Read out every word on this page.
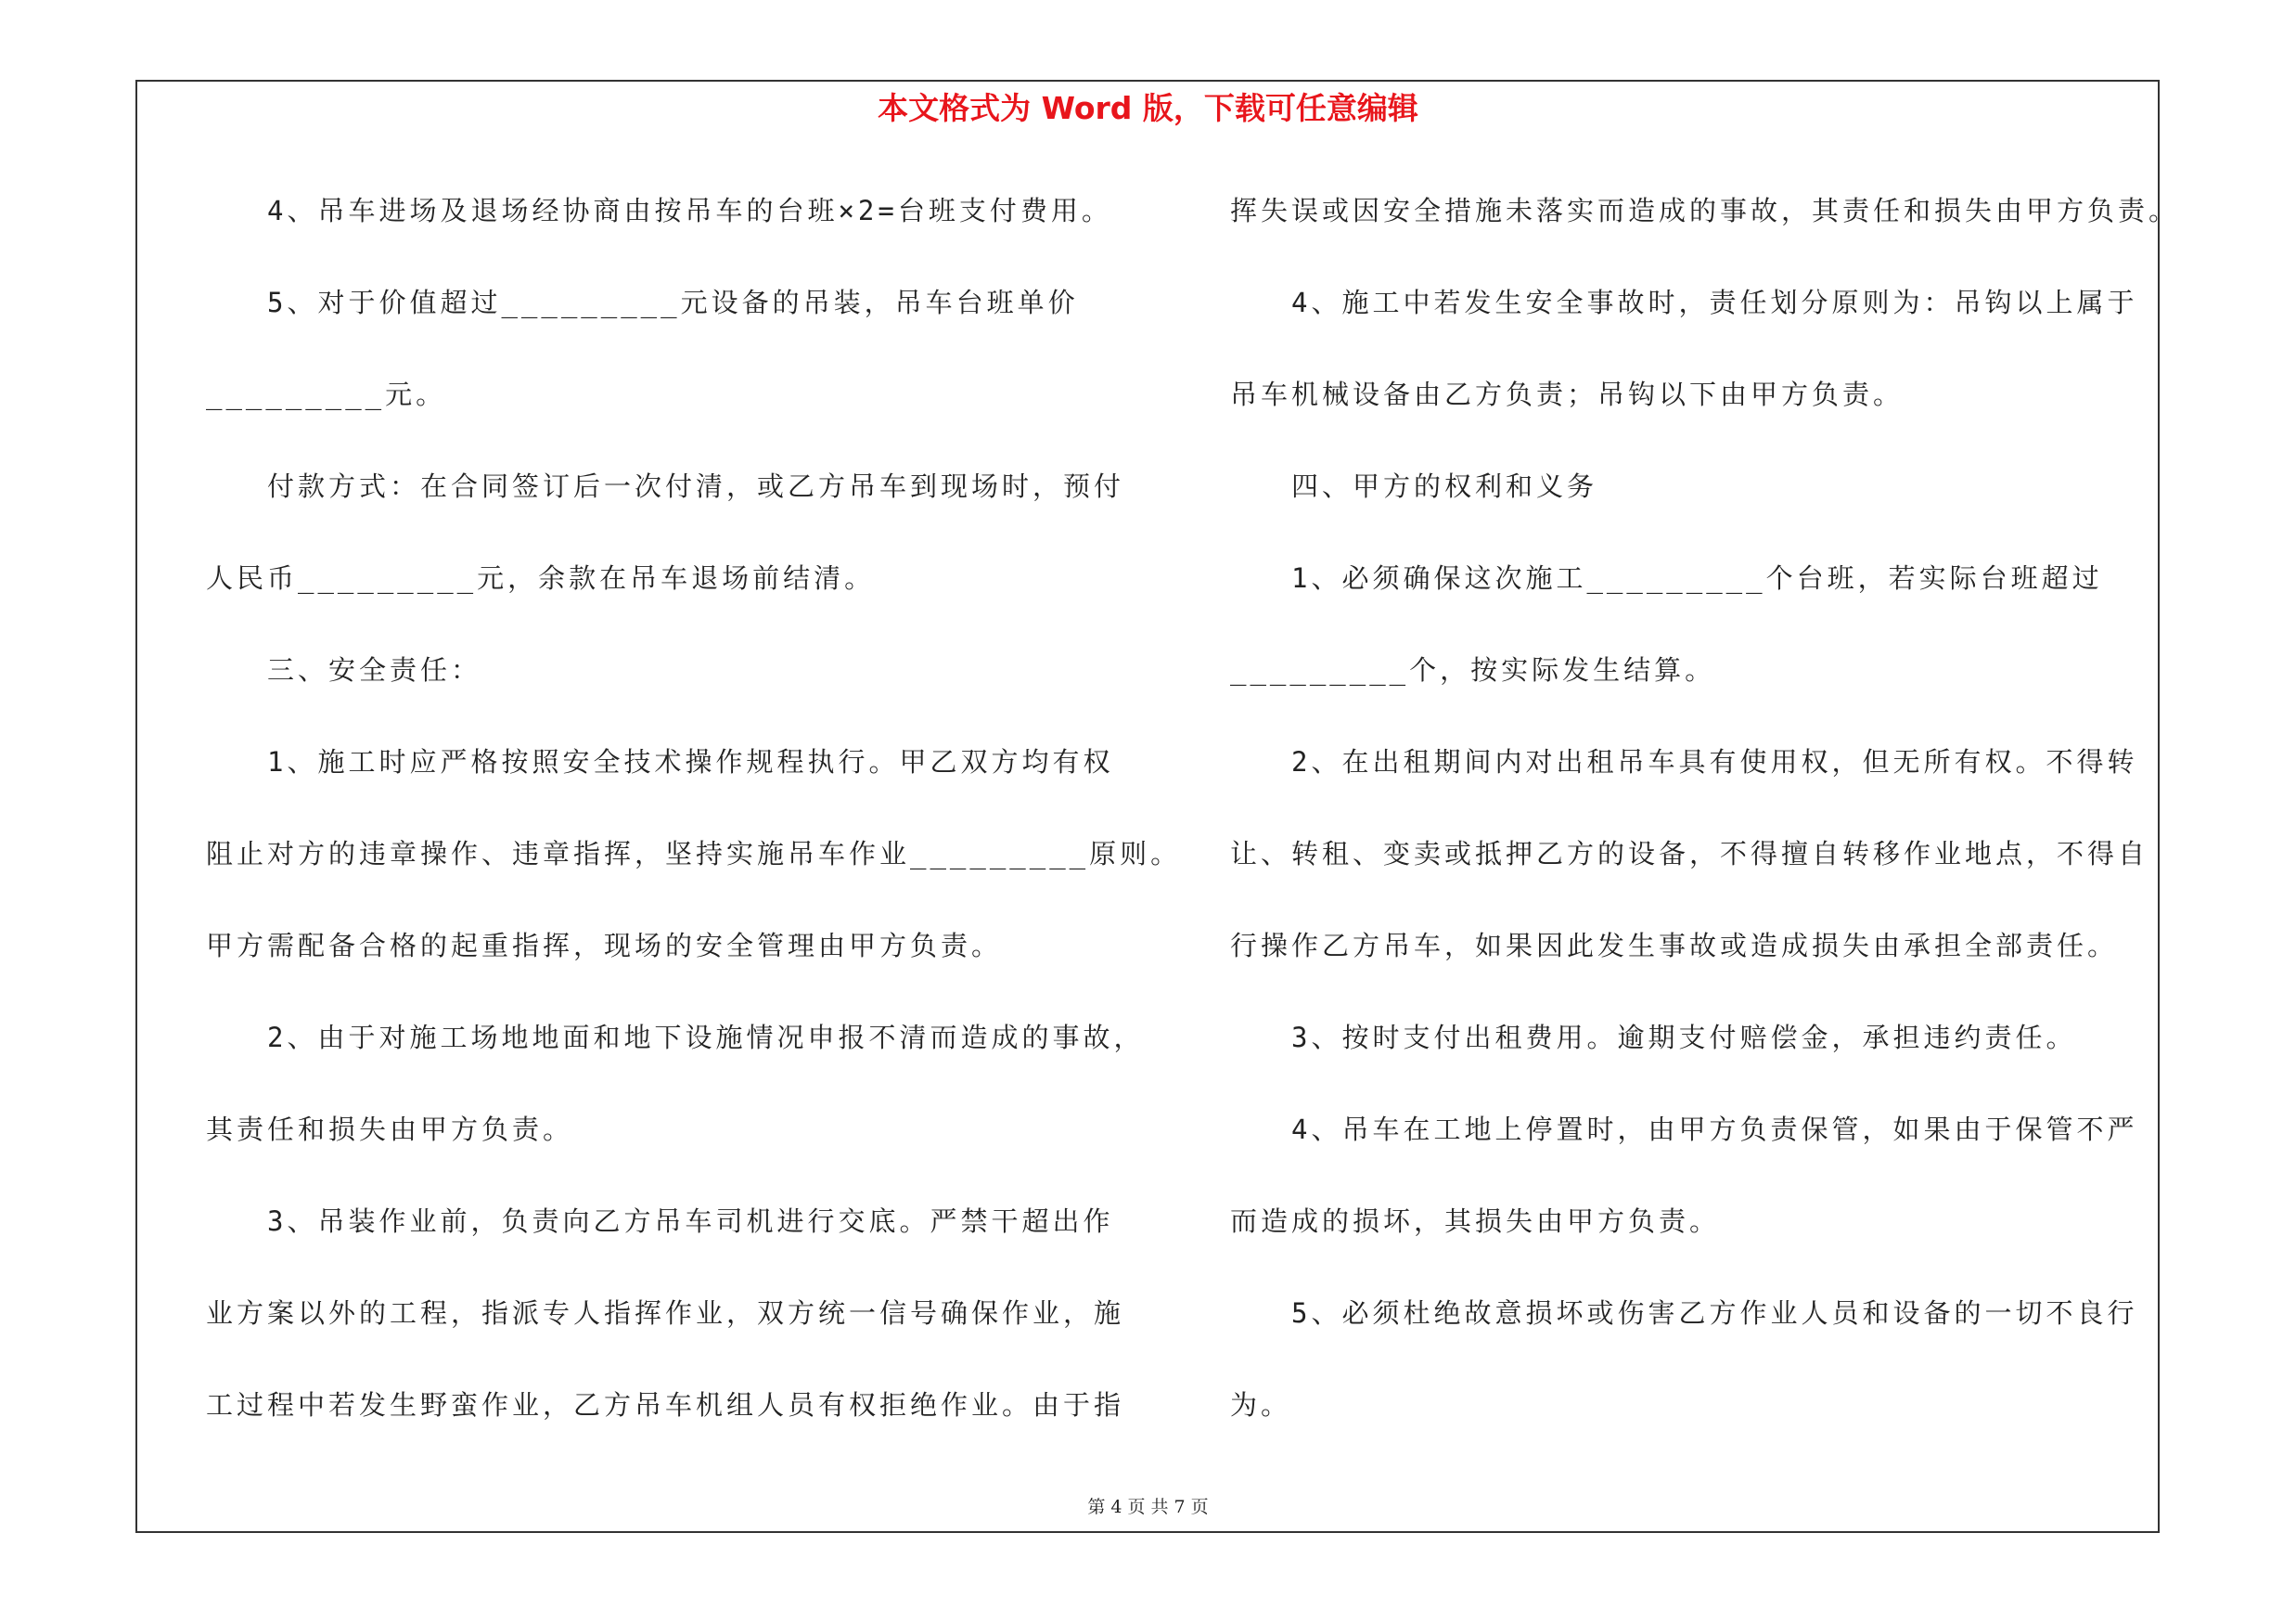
本文格式为 Word 版，下载可任意编辑
4、吊车进场及退场经协商由按吊车的台班×2=台班支付费用。
5、对于价值超过_________元设备的吊装，吊车台班单价
_________元。
付款方式：在合同签订后一次付清，或乙方吊车到现场时，预付
人民币_________元，余款在吊车退场前结清。
三、安全责任：
1、施工时应严格按照安全技术操作规程执行。甲乙双方均有权
阻止对方的违章操作、违章指挥，坚持实施吊车作业_________原则。
甲方需配备合格的起重指挥，现场的安全管理由甲方负责。
2、由于对施工场地地面和地下设施情况申报不清而造成的事故，
其责任和损失由甲方负责。
3、吊装作业前，负责向乙方吊车司机进行交底。严禁干超出作
业方案以外的工程，指派专人指挥作业，双方统一信号确保作业，施
工过程中若发生野蛮作业，乙方吊车机组人员有权拒绝作业。由于指
挥失误或因安全措施未落实而造成的事故，其责任和损失由甲方负责。
4、施工中若发生安全事故时，责任划分原则为：吊钩以上属于
吊车机械设备由乙方负责；吊钩以下由甲方负责。
四、甲方的权利和义务
1、必须确保这次施工_________个台班，若实际台班超过
_________个，按实际发生结算。
2、在出租期间内对出租吊车具有使用权，但无所有权。不得转
让、转租、变卖或抵押乙方的设备，不得擅自转移作业地点，不得自
行操作乙方吊车，如果因此发生事故或造成损失由承担全部责任。
3、按时支付出租费用。逾期支付赔偿金，承担违约责任。
4、吊车在工地上停置时，由甲方负责保管，如果由于保管不严
而造成的损坏，其损失由甲方负责。
5、必须杜绝故意损坏或伤害乙方作业人员和设备的一切不良行
为。
第 4 页 共 7 页
